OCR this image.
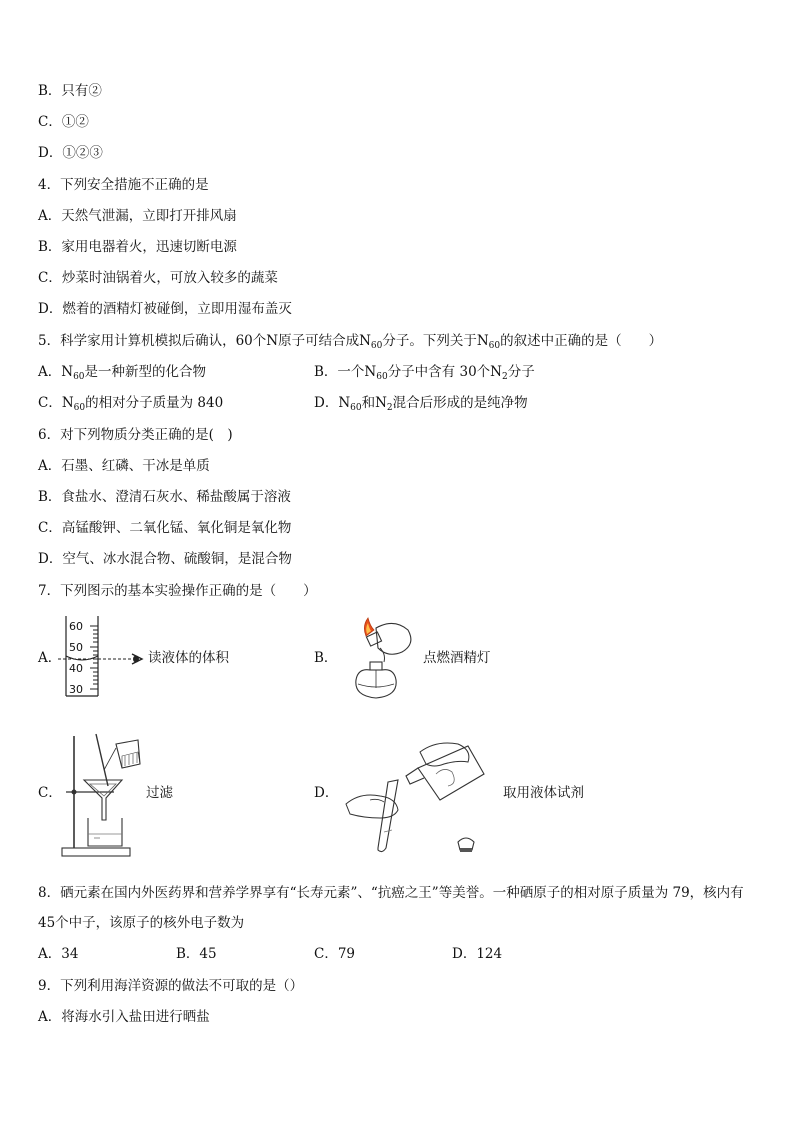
B．只有②
C．①②
D．①②③
4．下列安全措施不正确的是
A．天然气泄漏，立即打开排风扇
B．家用电器着火，迅速切断电源
C．炒菜时油锅着火，可放入较多的蔬菜
D．燃着的酒精灯被碰倒，立即用湿布盖灭
5．科学家用计算机模拟后确认，60个N原子可结合成$N_{60}$分子。下列关于$N_{60}$的叙述中正确的是（　　）
A．$N_{60}$是一种新型的化合物	B．一个$N_{60}$分子中含有 30个$N_2$分子
C．$N_{60}$的相对分子质量为 840	D．$N_{60}$和$N_2$混合后形成的是纯净物
6．对下列物质分类正确的是(　)
A．石墨、红磷、干冰是单质
B．食盐水、澄清石灰水、稀盐酸属于溶液
C．高锰酸钾、二氧化锰、氧化铜是氧化物
D．空气、冰水混合物、硫酸铜，是混合物
7．下列图示的基本实验操作正确的是（　　）
A．
60
50
40
30
读液体的体积	B．	点燃酒精灯
C．	过滤	D．	取用液体试剂
8．硒元素在国内外医药界和营养学界享有“长寿元素”、“抗癌之王”等美誉。一种硒原子的相对原子质量为 79，核内有
45个中子，该原子的核外电子数为
A．34	B．45	C．79	D．124
9．下列利用海洋资源的做法不可取的是（）
A．将海水引入盐田进行晒盐
